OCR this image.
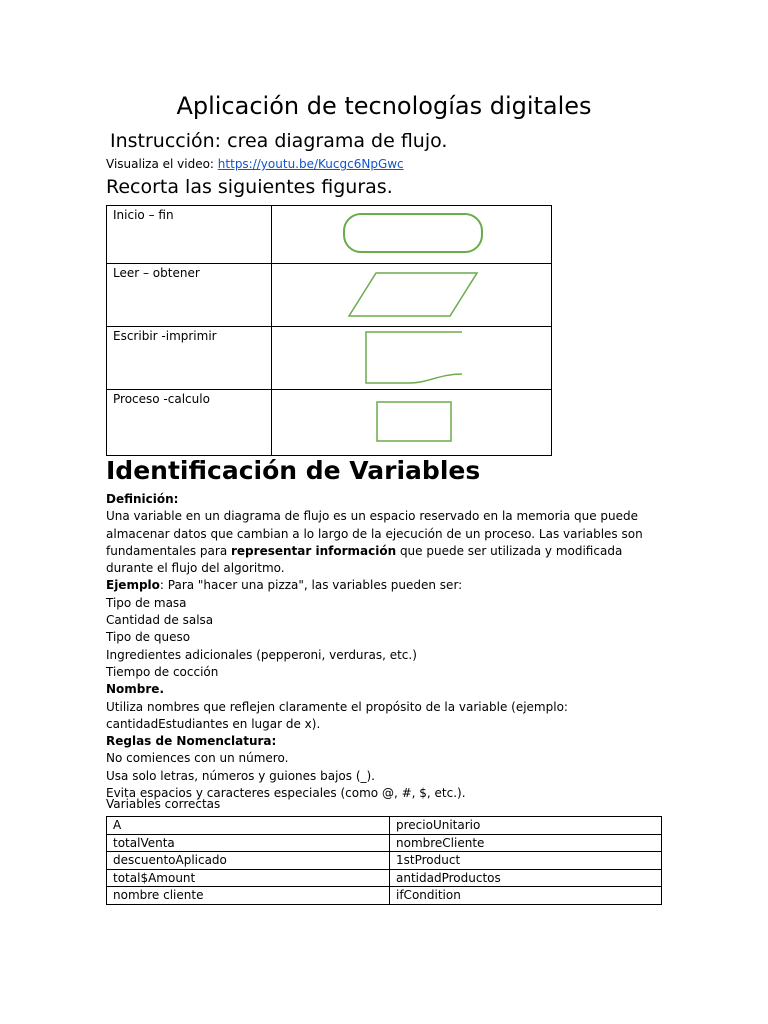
Aplicación de tecnologías digitales

Instrucción: crea diagrama de flujo.

Visualiza el video: https://youtu.be/Kucgc6NpGwc

Recorta las siguientes figuras.

Inicio – fin	

Leer – obtener	

Escribir -imprimir	

Proceso -calculo	
Identificación de Variables

Definición:

Una variable en un diagrama de flujo es un espacio reservado en la memoria que puede almacenar datos que cambian a lo largo de la ejecución de un proceso. Las variables son fundamentales para representar información que puede ser utilizada y modificada durante el flujo del algoritmo.

Ejemplo: Para "hacer una pizza", las variables pueden ser:

Tipo de masa

Cantidad de salsa

Tipo de queso

Ingredientes adicionales (pepperoni, verduras, etc.)

Tiempo de cocción

Nombre.

Utiliza nombres que reflejen claramente el propósito de la variable (ejemplo: cantidadEstudiantes en lugar de x).

Reglas de Nomenclatura:

No comiences con un número.

Usa solo letras, números y guiones bajos (_).

Evita espacios y caracteres especiales (como @, #, $, etc.).

Variables correctas

A	precioUnitario
totalVenta	nombreCliente
descuentoAplicado	1stProduct
total$Amount	antidadProductos
nombre cliente	ifCondition
